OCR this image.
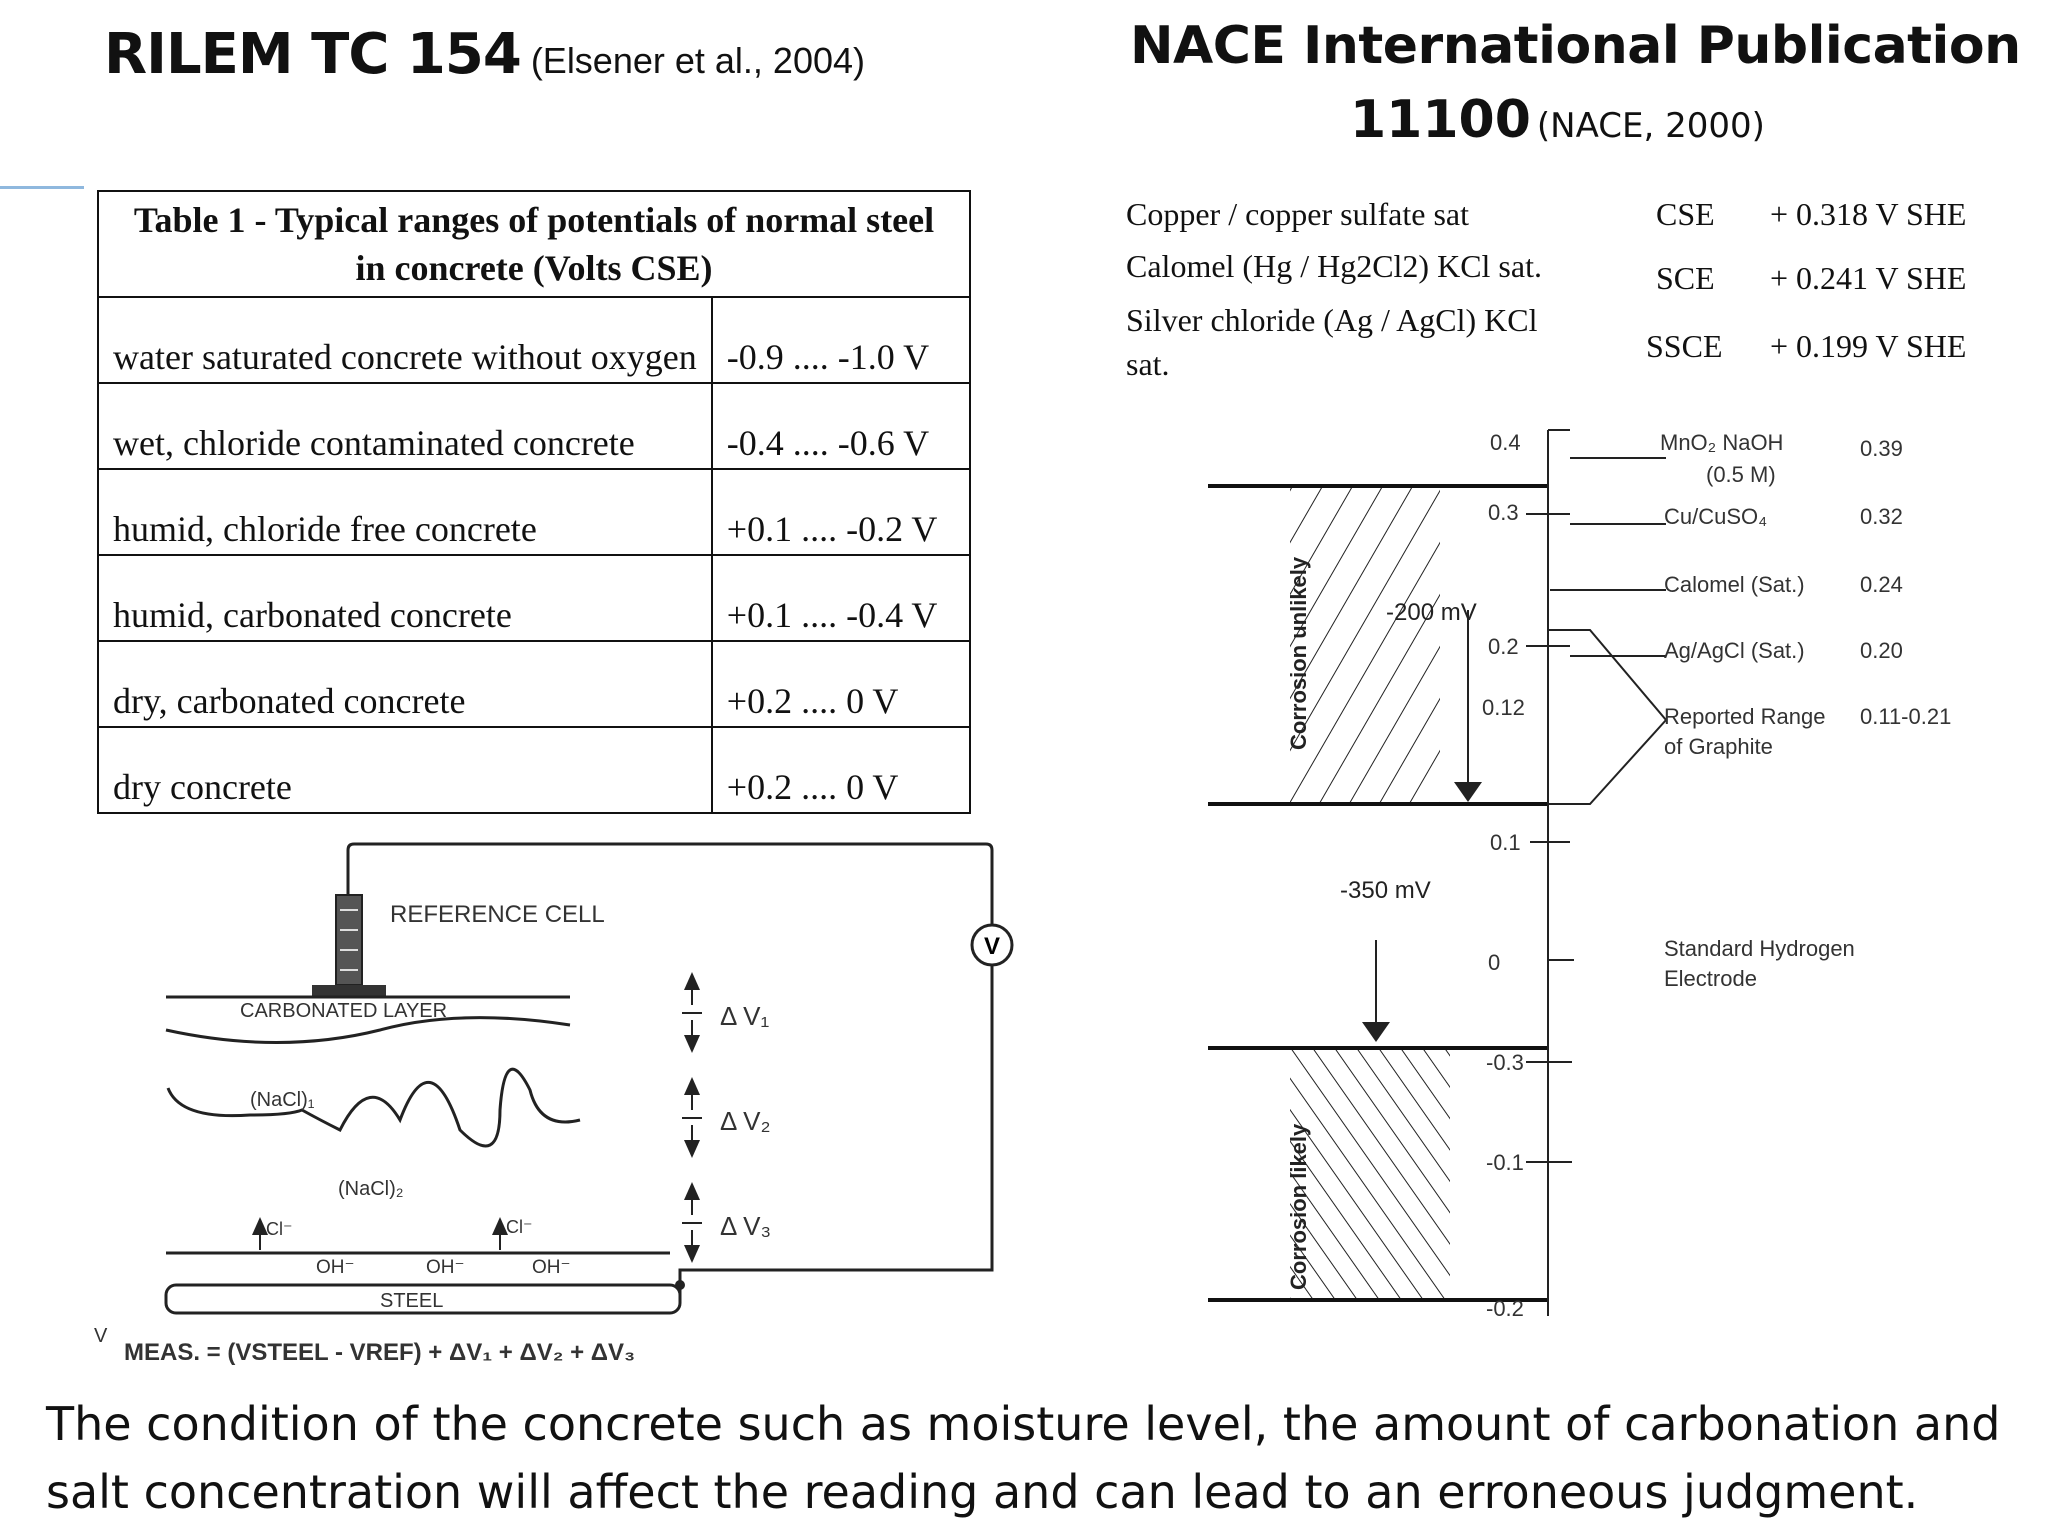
RILEM TC 154 (Elsener et al., 2004)	NACE International Publication
11100 (NACE, 2000)
Table 1 - Typical ranges of potentials of normal steel
in concrete (Volts CSE)	

water saturated concrete without oxygen	-0.9 .... -1.0 V
wet, chloride contaminated concrete	-0.4 .... -0.6 V
humid, chloride free concrete	+0.1 .... -0.2 V
humid, carbonated concrete	+0.1 .... -0.4 V
dry, carbonated concrete	+0.2 .... 0 V
dry concrete	+0.2 .... 0 V
Copper / copper sulfate sat	CSE + 0.318 V SHE
Calomel (Hg / Hg2Cl2) KCl sat.	SCE + 0.241 V SHE
Silver chloride (Ag / AgCl) KCl
sat.	SSCE + 0.199 V SHE
V
REFERENCE CELL
CARBONATED LAYER
(NaCl)₁
(NaCl)₂
Cl⁻	Cl⁻
OH⁻	OH⁻	OH⁻
STEEL
Δ V₁
Δ V₂
Δ V₃
V
MEAS. = (VSTEEL - VREF) + ΔV₁ + ΔV₂ + ΔV₃
Corrosion unlikely
Corrosion likely
-200 mV
-350 mV
0.4
0.3
0.2
0.12
0.1
0
-0.3
-0.1
-0.2
MnO₂ NaOH
(0.5 M)
0.39
Cu/CuSO₄	0.32
Calomel (Sat.)	0.24
Ag/AgCl (Sat.)	0.20
Reported Range
of Graphite
0.11-0.21
Standard Hydrogen
Electrode
The condition of the concrete such as moisture level, the amount of carbonation and salt concentration will affect the reading and can lead to an erroneous judgment.
